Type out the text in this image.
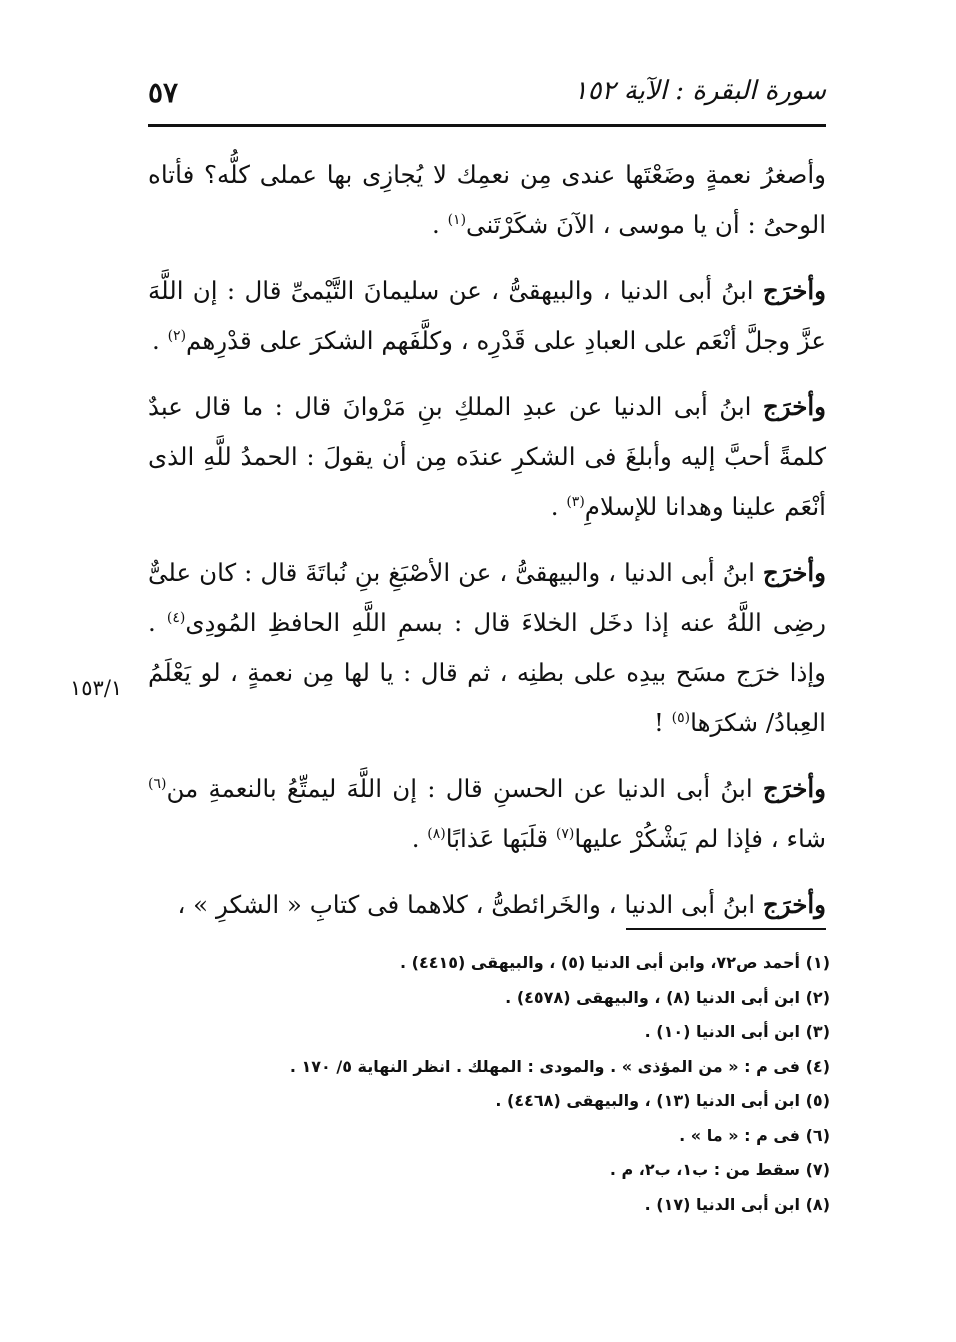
سورة البقرة : الآية ١٥٢
٥٧

وأصغرُ نعمةٍ وضَعْتَها عندى مِن نعمِك لا يُجازِى بها عملى كلُّه؟ فأتاه الوحىُ : أن يا موسى ، الآنَ شكَرْتَنى$^{(١)}$ .

وأخرَج ابنُ أبى الدنيا ، والبيهقىُّ ، عن سليمانَ التَّيْمىِّ قال : إن اللَّهَ عزَّ وجلَّ أنْعَم على العبادِ على قَدْرِه ، وكلَّفَهم الشكرَ على قدْرِهم$^{(٢)}$ .

وأخرَج ابنُ أبى الدنيا عن عبدِ الملكِ بنِ مَرْوانَ قال : ما قال عبدٌ كلمةً أحبَّ إليه وأبلغَ فى الشكرِ عندَه مِن أن يقولَ : الحمدُ للَّهِ الذى أنْعَم علينا وهدانا للإسلامِ$^{(٣)}$ .

وأخرَج ابنُ أبى الدنيا ، والبيهقىُّ ، عن الأصْبَغِ بنِ نُباتَةَ قال : كان علىٌّ رضِى اللَّهُ عنه إذا دخَل الخلاءَ قال : بسمِ اللَّهِ الحافظِ المُودِى$^{(٤)}$ . وإذا خرَج مسَح بيدِه على بطنِه ، ثم قال : يا لها مِن نعمةٍ ، لو يَعْلَمُ العِبادُ/ شكرَها$^{(٥)}$ !

وأخرَج ابنُ أبى الدنيا عن الحسنِ قال : إن اللَّهَ ليمتِّعُ بالنعمةِ من$^{(٦)}$ شاء ، فإذا لم يَشْكُرْ عليها$^{(٧)}$ قلَبَها عَذابًا$^{(٨)}$ .

وأخرَج ابنُ أبى الدنيا ، والخَرائطىُّ ، كلاهما فى كتابِ « الشكرِ » ،

١٥٣/١
(١) أحمد ص٧٢، وابن أبى الدنيا (٥) ، والبيهقى (٤٤١٥) .
(٢) ابن أبى الدنيا (٨) ، والبيهقى (٤٥٧٨) .
(٣) ابن أبى الدنيا (١٠) .
(٤) فى م : « من المؤذى » . والمودى : المهلك . انظر النهاية ٥/ ١٧٠ .
(٥) ابن أبى الدنيا (١٣) ، والبيهقى (٤٤٦٨) .
(٦) فى م : « ما » .
(٧) سقط من : ب١، ب٢، م .
(٨) ابن أبى الدنيا (١٧) .
